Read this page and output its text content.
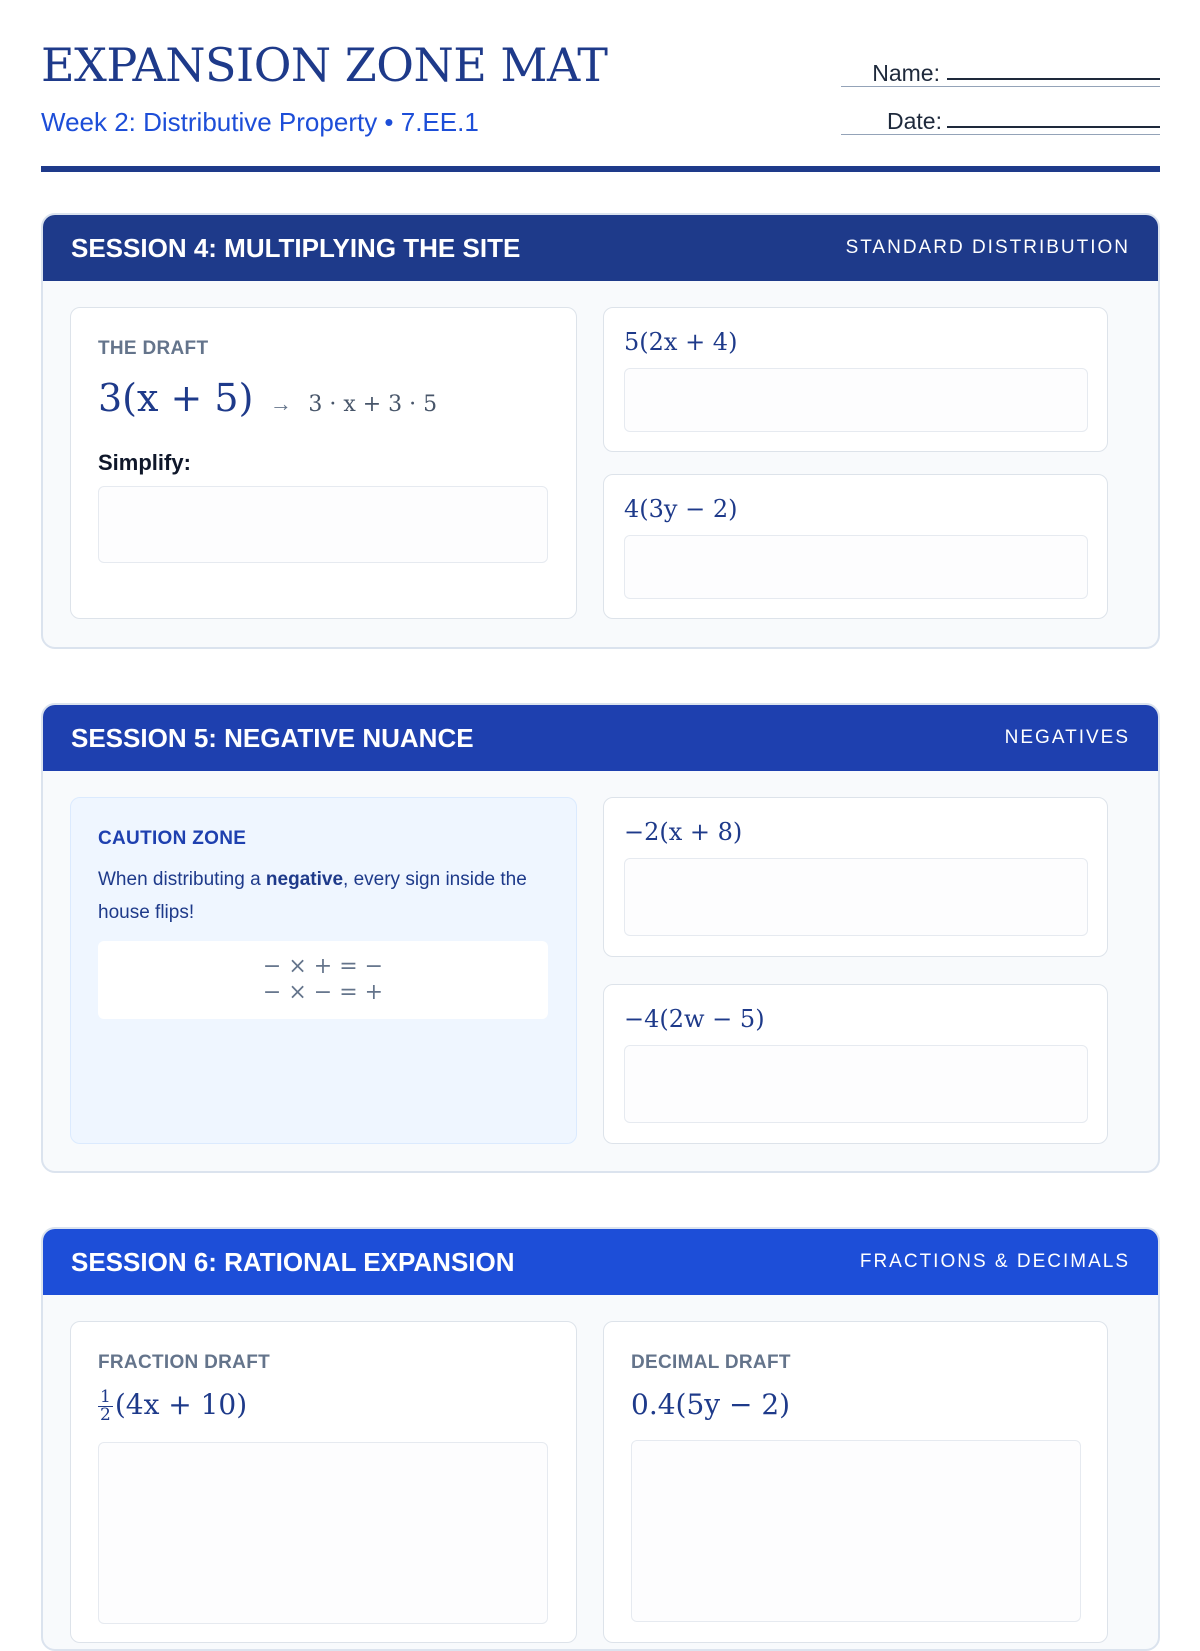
EXPANSION ZONE MAT
Week 2: Distributive Property • 7.EE.1
Name:
Date:
SESSION 4: MULTIPLYING THE SITE	STANDARD DISTRIBUTION
THE DRAFT
3(x + 5) → 3 · x + 3 · 5
Simplify:
5(2x + 4)
4(3y − 2)
SESSION 5: NEGATIVE NUANCE	NEGATIVES
CAUTION ZONE
When distributing a negative, every sign inside the house flips!
− × + = −
− × − = +
−2(x + 8)
−4(2w − 5)
SESSION 6: RATIONAL EXPANSION	FRACTIONS & DECIMALS
FRACTION DRAFT
$\frac{1}{2} (4x + 10)$
DECIMAL DRAFT
0.4(5y − 2)
